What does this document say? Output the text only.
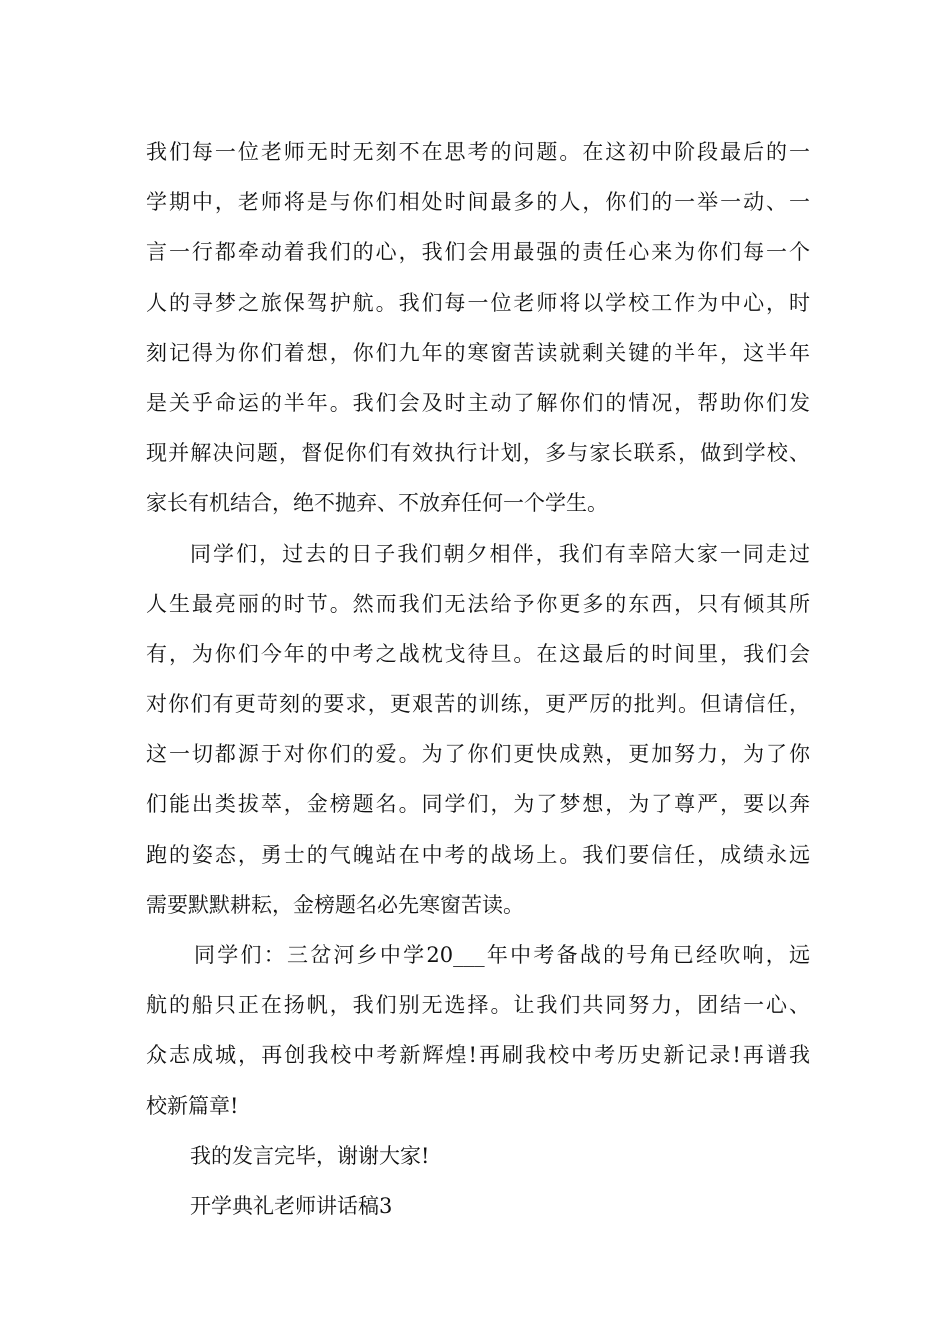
我们每一位老师无时无刻不在思考的问题。在这初中阶段最后的一
学期中，老师将是与你们相处时间最多的人，你们的一举一动、一
言一行都牵动着我们的心，我们会用最强的责任心来为你们每一个
人的寻梦之旅保驾护航。我们每一位老师将以学校工作为中心，时
刻记得为你们着想，你们九年的寒窗苦读就剩关键的半年，这半年
是关乎命运的半年。我们会及时主动了解你们的情况，帮助你们发
现并解决问题，督促你们有效执行计划，多与家长联系，做到学校、
家长有机结合，绝不抛弃、不放弃任何一个学生。
同学们，过去的日子我们朝夕相伴，我们有幸陪大家一同走过
人生最亮丽的时节。然而我们无法给予你更多的东西，只有倾其所
有，为你们今年的中考之战枕戈待旦。在这最后的时间里，我们会
对你们有更苛刻的要求，更艰苦的训练，更严厉的批判。但请信任，
这一切都源于对你们的爱。为了你们更快成熟，更加努力，为了你
们能出类拔萃，金榜题名。同学们，为了梦想，为了尊严，要以奔
跑的姿态，勇士的气魄站在中考的战场上。我们要信任，成绩永远
需要默默耕耘，金榜题名必先寒窗苦读。
同学们：三岔河乡中学20___年中考备战的号角已经吹响，远
航的船只正在扬帆，我们别无选择。让我们共同努力，团结一心、
众志成城，再创我校中考新辉煌!再刷我校中考历史新记录!再谱我
校新篇章!
我的发言完毕，谢谢大家!
开学典礼老师讲话稿3
